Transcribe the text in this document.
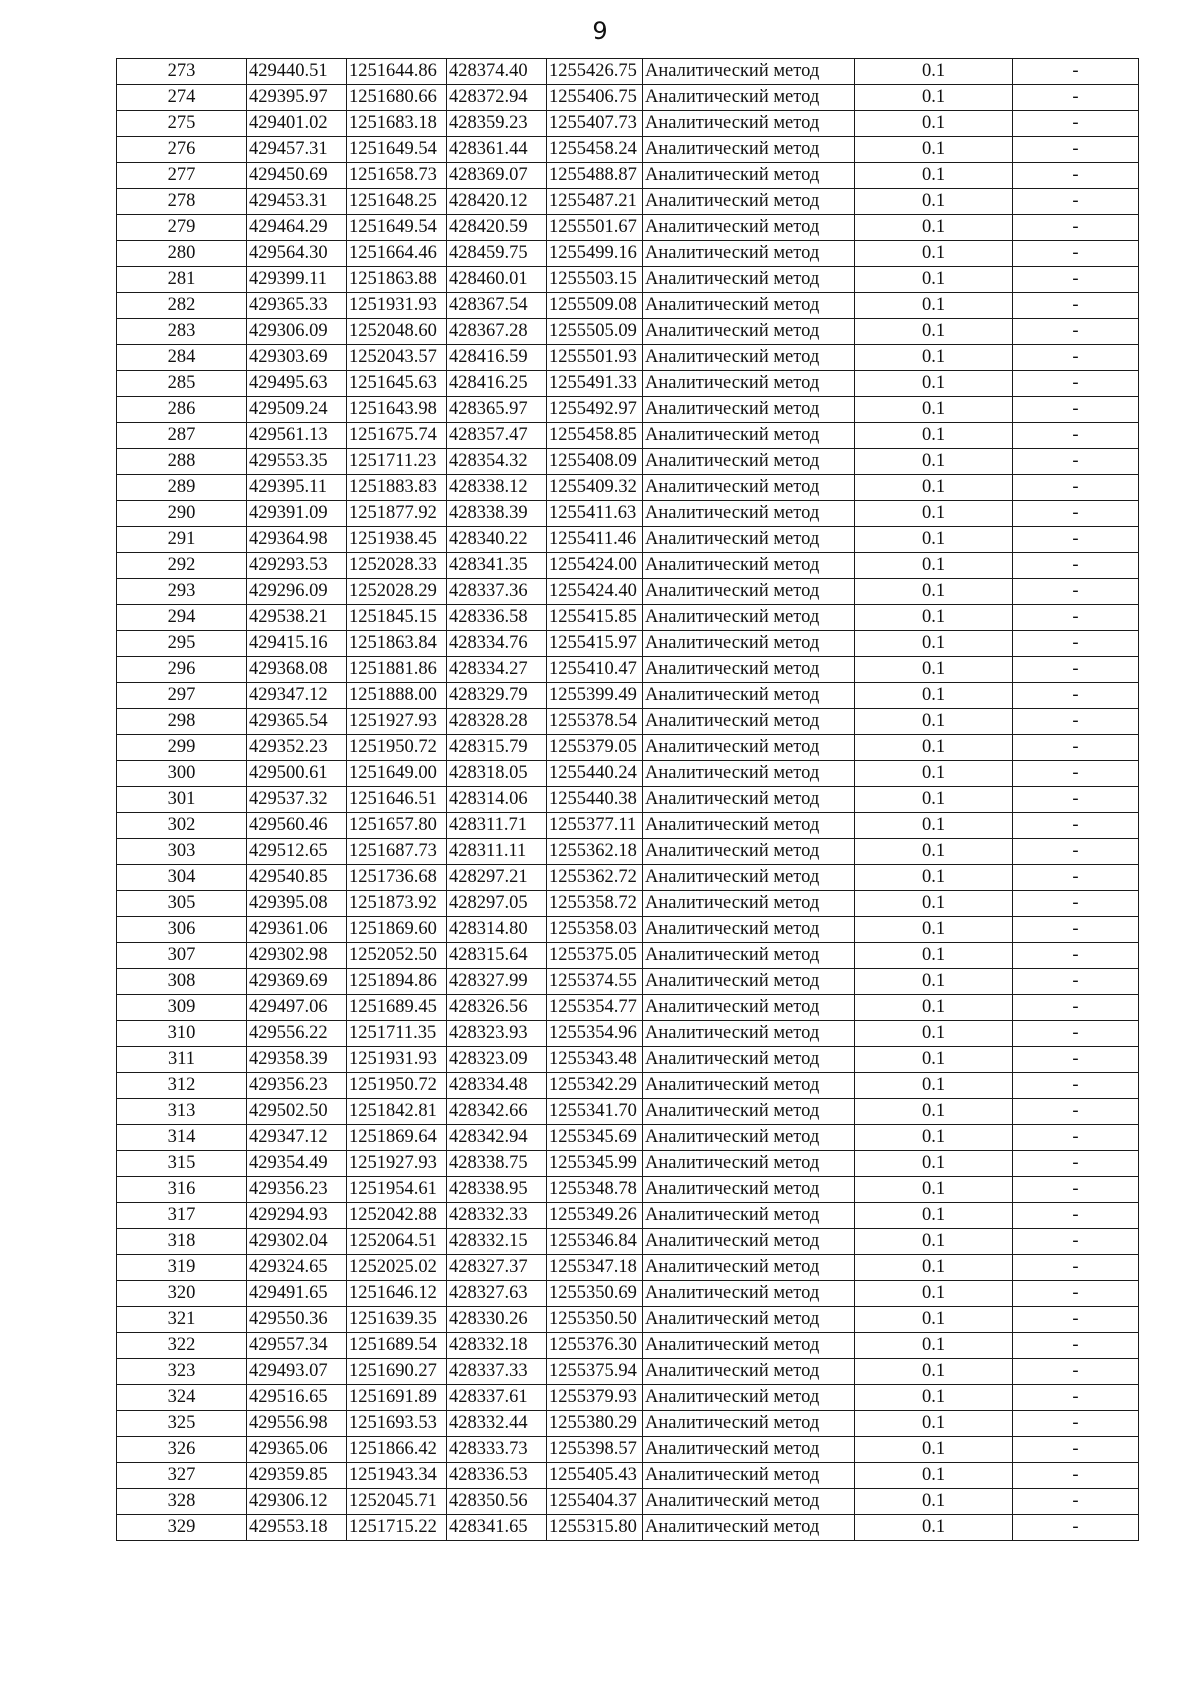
9
273	429440.51	1251644.86	428374.40	1255426.75	Аналитический метод	0.1	-
274	429395.97	1251680.66	428372.94	1255406.75	Аналитический метод	0.1	-
275	429401.02	1251683.18	428359.23	1255407.73	Аналитический метод	0.1	-
276	429457.31	1251649.54	428361.44	1255458.24	Аналитический метод	0.1	-
277	429450.69	1251658.73	428369.07	1255488.87	Аналитический метод	0.1	-
278	429453.31	1251648.25	428420.12	1255487.21	Аналитический метод	0.1	-
279	429464.29	1251649.54	428420.59	1255501.67	Аналитический метод	0.1	-
280	429564.30	1251664.46	428459.75	1255499.16	Аналитический метод	0.1	-
281	429399.11	1251863.88	428460.01	1255503.15	Аналитический метод	0.1	-
282	429365.33	1251931.93	428367.54	1255509.08	Аналитический метод	0.1	-
283	429306.09	1252048.60	428367.28	1255505.09	Аналитический метод	0.1	-
284	429303.69	1252043.57	428416.59	1255501.93	Аналитический метод	0.1	-
285	429495.63	1251645.63	428416.25	1255491.33	Аналитический метод	0.1	-
286	429509.24	1251643.98	428365.97	1255492.97	Аналитический метод	0.1	-
287	429561.13	1251675.74	428357.47	1255458.85	Аналитический метод	0.1	-
288	429553.35	1251711.23	428354.32	1255408.09	Аналитический метод	0.1	-
289	429395.11	1251883.83	428338.12	1255409.32	Аналитический метод	0.1	-
290	429391.09	1251877.92	428338.39	1255411.63	Аналитический метод	0.1	-
291	429364.98	1251938.45	428340.22	1255411.46	Аналитический метод	0.1	-
292	429293.53	1252028.33	428341.35	1255424.00	Аналитический метод	0.1	-
293	429296.09	1252028.29	428337.36	1255424.40	Аналитический метод	0.1	-
294	429538.21	1251845.15	428336.58	1255415.85	Аналитический метод	0.1	-
295	429415.16	1251863.84	428334.76	1255415.97	Аналитический метод	0.1	-
296	429368.08	1251881.86	428334.27	1255410.47	Аналитический метод	0.1	-
297	429347.12	1251888.00	428329.79	1255399.49	Аналитический метод	0.1	-
298	429365.54	1251927.93	428328.28	1255378.54	Аналитический метод	0.1	-
299	429352.23	1251950.72	428315.79	1255379.05	Аналитический метод	0.1	-
300	429500.61	1251649.00	428318.05	1255440.24	Аналитический метод	0.1	-
301	429537.32	1251646.51	428314.06	1255440.38	Аналитический метод	0.1	-
302	429560.46	1251657.80	428311.71	1255377.11	Аналитический метод	0.1	-
303	429512.65	1251687.73	428311.11	1255362.18	Аналитический метод	0.1	-
304	429540.85	1251736.68	428297.21	1255362.72	Аналитический метод	0.1	-
305	429395.08	1251873.92	428297.05	1255358.72	Аналитический метод	0.1	-
306	429361.06	1251869.60	428314.80	1255358.03	Аналитический метод	0.1	-
307	429302.98	1252052.50	428315.64	1255375.05	Аналитический метод	0.1	-
308	429369.69	1251894.86	428327.99	1255374.55	Аналитический метод	0.1	-
309	429497.06	1251689.45	428326.56	1255354.77	Аналитический метод	0.1	-
310	429556.22	1251711.35	428323.93	1255354.96	Аналитический метод	0.1	-
311	429358.39	1251931.93	428323.09	1255343.48	Аналитический метод	0.1	-
312	429356.23	1251950.72	428334.48	1255342.29	Аналитический метод	0.1	-
313	429502.50	1251842.81	428342.66	1255341.70	Аналитический метод	0.1	-
314	429347.12	1251869.64	428342.94	1255345.69	Аналитический метод	0.1	-
315	429354.49	1251927.93	428338.75	1255345.99	Аналитический метод	0.1	-
316	429356.23	1251954.61	428338.95	1255348.78	Аналитический метод	0.1	-
317	429294.93	1252042.88	428332.33	1255349.26	Аналитический метод	0.1	-
318	429302.04	1252064.51	428332.15	1255346.84	Аналитический метод	0.1	-
319	429324.65	1252025.02	428327.37	1255347.18	Аналитический метод	0.1	-
320	429491.65	1251646.12	428327.63	1255350.69	Аналитический метод	0.1	-
321	429550.36	1251639.35	428330.26	1255350.50	Аналитический метод	0.1	-
322	429557.34	1251689.54	428332.18	1255376.30	Аналитический метод	0.1	-
323	429493.07	1251690.27	428337.33	1255375.94	Аналитический метод	0.1	-
324	429516.65	1251691.89	428337.61	1255379.93	Аналитический метод	0.1	-
325	429556.98	1251693.53	428332.44	1255380.29	Аналитический метод	0.1	-
326	429365.06	1251866.42	428333.73	1255398.57	Аналитический метод	0.1	-
327	429359.85	1251943.34	428336.53	1255405.43	Аналитический метод	0.1	-
328	429306.12	1252045.71	428350.56	1255404.37	Аналитический метод	0.1	-
329	429553.18	1251715.22	428341.65	1255315.80	Аналитический метод	0.1	-
